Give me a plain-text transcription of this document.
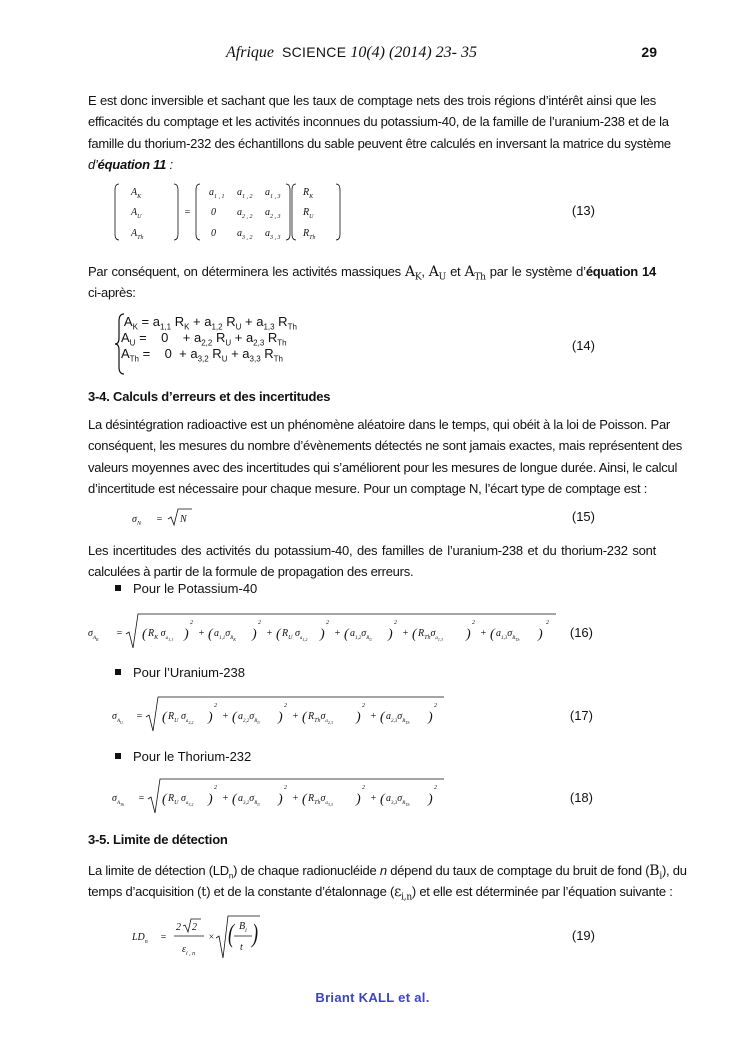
Afrique SCIENCE 10(4) (2014) 23- 35	29
E est donc inversible et sachant que les taux de comptage nets des trois régions d’intérêt ainsi que les
efficacités du comptage et les activités inconnues du potassium-40, de la famille de l’uranium-238 et de la
famille du thorium-232 des échantillons du sable peuvent être calculés en inversant la matrice du système
d’équation 11 :
$A_K$
$A_U$
$A_{Th}$
=
$a_{1 , 1}$ $a_{1 , 2}$ $a_{1 , 3}$
0 $a_{2 , 2}$ $a_{2 , 3}$
0 $a_{3 , 2}$ $a_{3 , 3}$
$R_K$
$R_U$
$R_{Th}$
(13)
Par conséquent, on déterminera les activités massiques $A_K$, $A_U$ et $A_{Th}$ par le système d’équation 14
ci-après:
$A_K = a_{1,1}$ $R_K + a_{1,2}$ $R_U + a_{1,3}$ $R_{Th}$
$A_U$ =    0    + $a_{2,2}$ $R_U + a_{2,3}$ $R_{Th}$
$A_{Th}$ =    $0 + a_{3,2}$ $R_U + a_{3,3}$ $R_{Th}$
(14)
3-4. Calculs d’erreurs et des incertitudes
La désintégration radioactive est un phénomène aléatoire dans le temps, qui obéit à la loi de Poisson. Par
conséquent, les mesures du nombre d’évènements détectés ne sont jamais exactes, mais représentent des
valeurs moyennes avec des incertitudes qui s’améliorent pour les mesures de longue durée. Ainsi, le calcul
d’incertitude est nécessaire pour chaque mesure. Pour un comptage N, l’écart type de comptage est :
$\sigma_N = N$	(15)
Les incertitudes des activités du potassium-40, des familles de l’uranium-238 et du thorium-232 sont
calculées à partir de la formule de propagation des erreurs.
Pour le Potassium-40
$\sigma_{AK}$
= ( $R_K$ $\sigma_{a1,1}$ )
2
+ ( $a_{1,1}\sigma_{RK}$ )
2
+ ( $R_U$ $\sigma_{a1,2}$ )
2
+ ( $a_{1,2}\sigma_{RU}$ )
2
+ ( $R_{Th}\sigma_{a1,3}$ )
2
+ ( $a_{1,3}\sigma_{RTh}$ )
2
(16)
Pour l’Uranium-238
$\sigma_{AU}$
= ( $R_U$ $\sigma_{a2,2}$ )
2
+ ( $a_{2,2}\sigma_{RU}$ )
2
+ ( $R_{Th}\sigma_{a2,3}$ )
2
+ ( $a_{2,3}\sigma_{RTh}$ )
2
(17)
Pour le Thorium-232
$\sigma_{ATh}$
= ( $R_U$ $\sigma_{a3,2}$ )
2
+ ( $a_{3,2}\sigma_{RU}$ )
2
+ ( $R_{Th}\sigma_{a3,3}$ )
2
+ ( $a_{3,3}\sigma_{RTh}$ )
2
(18)
3-5. Limite de détection
La limite de détection $(LD_n)$ de chaque radionucléide n dépend du taux de comptage du bruit de fond $(B_i)$, du
temps d’acquisition (t) et de la constante d’étalonnage $(\varepsilon_{i,n})$ et elle est déterminée par l’équation suivante :
$LD_n$ =
2 2
$\varepsilon_{i , n}$
× ( $B_i$
t )	(19)
Briant KALL et al.
